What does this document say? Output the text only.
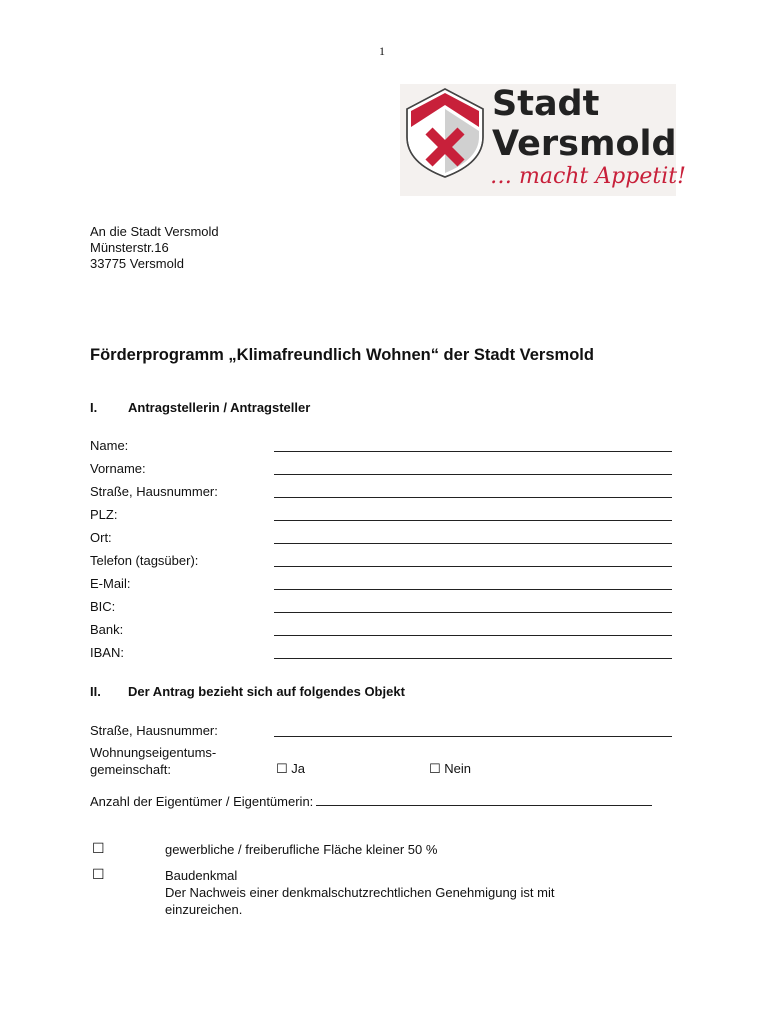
1
Stadt
Versmold
… macht Appetit!
An die Stadt Versmold
Münsterstr.16
33775 Versmold
Förderprogramm „Klimafreundlich Wohnen“ der Stadt Versmold
I. Antragstellerin / Antragsteller
Name:
Vorname:
Straße, Hausnummer:
PLZ:
Ort:
Telefon (tagsüber):
E-Mail:
BIC:
Bank:
IBAN:
II. Der Antrag bezieht sich auf folgendes Objekt
Straße, Hausnummer:
Wohnungseigentums-
gemeinschaft:	☐ Ja	☐ Nein
Anzahl der Eigentümer / Eigentümerin:
☐	gewerbliche / freiberufliche Fläche kleiner 50 %
☐	Baudenkmal
Der Nachweis einer denkmalschutzrechtlichen Genehmigung ist mit
einzureichen.
